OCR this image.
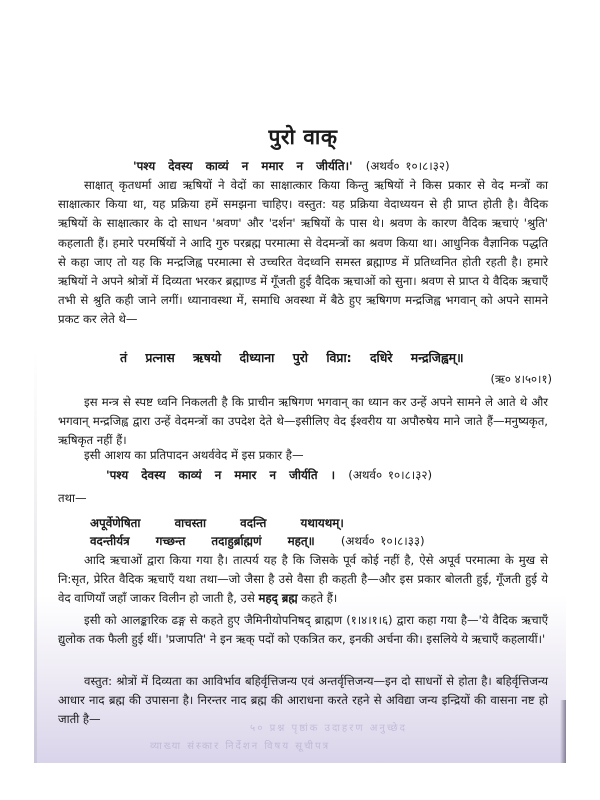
५० प्रश्न पृष्ठांक उदाहरण अनुच्छेद
व्याख्या संस्कार निर्देशन विषय सूचीपत्र
पुरो वाक्
'पश्य देवस्य काव्यं न ममार न जीर्यति।' (अथर्व० १०।८।३२)

साक्षात् कृतधर्मा आद्य ऋषियों ने वेदों का साक्षात्कार किया किन्तु ऋषियों ने किस प्रकार से वेद मन्त्रों का साक्षात्कार किया था, यह प्रक्रिया हमें समझना चाहिए। वस्तुत: यह प्रक्रिया वेदाध्ययन से ही प्राप्त होती है। वैदिक ऋषियों के साक्षात्कार के दो साधन 'श्रवण' और 'दर्शन' ऋषियों के पास थे। श्रवण के कारण वैदिक ऋचाएं 'श्रुति' कहलाती हैं। हमारे परमर्षियों ने आदि गुरु परब्रह्म परमात्मा से वेदमन्त्रों का श्रवण किया था। आधुनिक वैज्ञानिक पद्धति से कहा जाए तो यह कि मन्द्रजिह्व परमात्मा से उच्चरित वेदध्वनि समस्त ब्रह्माण्ड में प्रतिध्वनित होती रहती है। हमारे ऋषियों ने अपने श्रोत्रों में दिव्यता भरकर ब्रह्माण्ड में गूँजती हुई वैदिक ऋचाओं को सुना। श्रवण से प्राप्त ये वैदिक ऋचाएँ तभी से श्रुति कही जाने लगीं। ध्यानावस्था में, समाधि अवस्था में बैठे हुए ऋषिगण मन्द्रजिह्व भगवान् को अपने सामने प्रकट कर लेते थे—

तं प्रत्नास ऋषयो दीध्याना पुरो विप्रा: दधिरे मन्द्रजिह्वम्॥
(ऋ० ४।५०।१)

इस मन्त्र से स्पष्ट ध्वनि निकलती है कि प्राचीन ऋषिगण भगवान् का ध्यान कर उन्हें अपने सामने ले आते थे और भगवान् मन्द्रजिह्व द्वारा उन्हें वेदमन्त्रों का उपदेश देते थे—इसीलिए वेद ईश्वरीय या अपौरुषेय माने जाते हैं—मनुष्यकृत, ऋषिकृत नहीं हैं।

इसी आशय का प्रतिपादन अथर्ववेद में इस प्रकार है—
'पश्य देवस्य काव्यं न ममार न जीर्यति । (अथर्व० १०।८।३२)
तथा—
अपूर्वेणेषिता वाचस्ता वदन्ति यथायथम्।
वदन्तीर्यत्र गच्छन्त तदाहुर्ब्राह्मणं महत्॥ (अथर्व० १०।८।३३)

आदि ऋचाओं द्वारा किया गया है। तात्पर्य यह है कि जिसके पूर्व कोई नहीं है, ऐसे अपूर्व परमात्मा के मुख से नि:सृत, प्रेरित वैदिक ऋचाएँ यथा तथा—जो जैसा है उसे वैसा ही कहती है—और इस प्रकार बोलती हुई, गूँजती हुई ये वेद वाणियाँ जहाँ जाकर विलीन हो जाती है, उसे महद् ब्रह्म कहते हैं।

इसी को आलङ्कारिक ढङ्ग से कहते हुए जैमिनीयोपनिषद् ब्राह्मण (१।४।१।६) द्वारा कहा गया है—'ये वैदिक ऋचाएँ द्युलोक तक फैली हुई थीं। 'प्रजापति' ने इन ऋक् पदों को एकत्रित कर, इनकी अर्चना की। इसलिये ये ऋचाएँ कहलायीं।'

वस्तुत: श्रोत्रों में दिव्यता का आविर्भाव बहिर्वृत्तिजन्य एवं अन्तर्वृत्तिजन्य—इन दो साधनों से होता है। बहिर्वृत्तिजन्य आधार नाद ब्रह्म की उपासना है। निरन्तर नाद ब्रह्म की आराधना करते रहने से अविद्या जन्य इन्द्रियों की वासना नष्ट हो जाती है—
